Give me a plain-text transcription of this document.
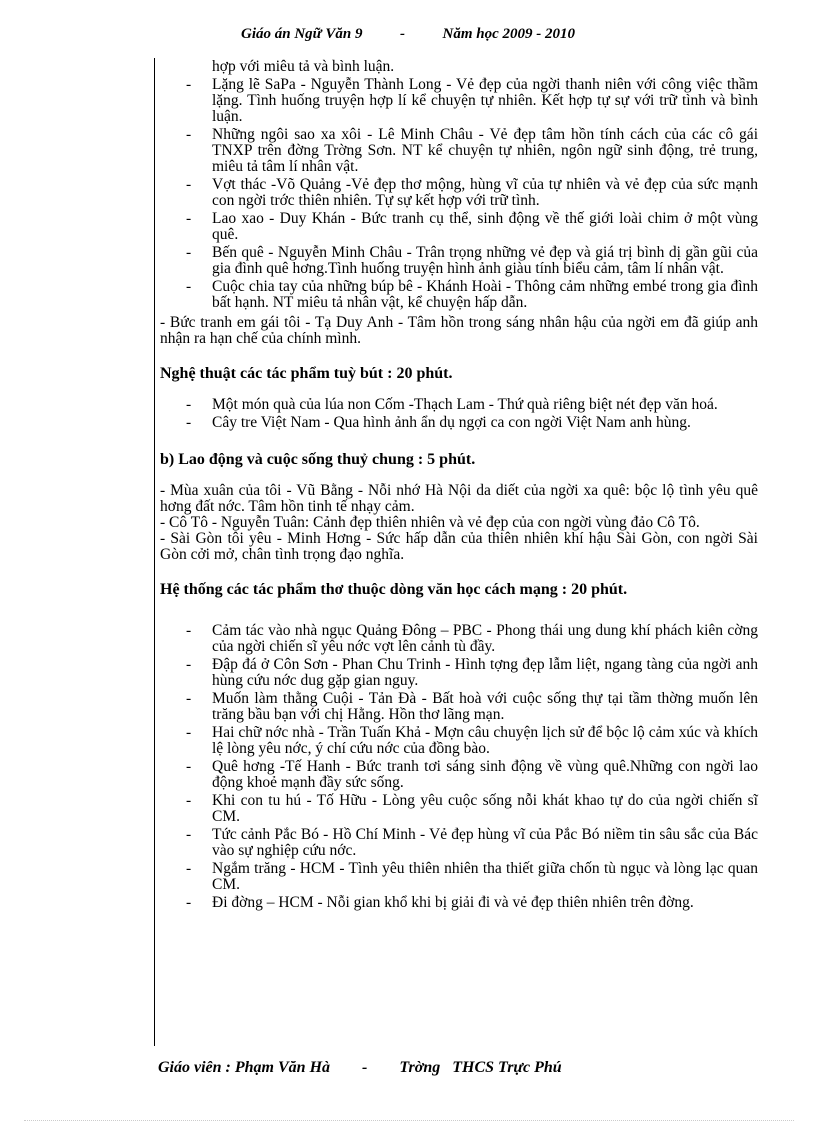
Giáo án Ngữ Văn 9          -          Năm học 2009 - 2010
hợp với miêu tả và bình luận.
- Lặng lẽ SaPa - Nguyễn Thành Long - Vẻ đẹp của ngời thanh niên với công việc thầm lặng. Tình huống truyện hợp lí kể chuyện tự nhiên. Kết hợp tự sự với trữ tình và bình luận.
- Những ngôi sao xa xôi - Lê Minh Châu - Vẻ đẹp tâm hồn tính cách của các cô gái TNXP trên đờng Trờng Sơn. NT kể chuyện tự nhiên, ngôn ngữ sinh động, trẻ trung, miêu tả tâm lí nhân vật.
- Vợt thác -Võ Quảng -Vẻ đẹp thơ mộng, hùng vĩ của tự nhiên và vẻ đẹp của sức mạnh con ngời trớc thiên nhiên. Tự sự kết hợp với trữ tình.
- Lao xao - Duy Khán - Bức tranh cụ thể, sinh động về thế giới loài chim ở một vùng quê.
- Bến quê - Nguyễn Minh Châu - Trân trọng những vẻ đẹp và giá trị bình dị gần gũi của gia đình quê hơng.Tình huống truyện hình ảnh giàu tính biểu cảm, tâm lí nhân vật.
- Cuộc chia tay của những búp bê - Khánh Hoài - Thông cảm những embé trong gia đình bất hạnh. NT miêu tả nhân vật, kể chuyện hấp dẫn.
- Bức tranh em gái tôi - Tạ Duy Anh - Tâm hồn trong sáng nhân hậu của ngời em đã giúp anh nhận ra hạn chế của chính mình.
Nghệ thuật các tác phẩm tuỳ bút : 20 phút.
- Một món quà của lúa non Cốm -Thạch Lam - Thứ quà riêng biệt nét đẹp văn hoá.
- Cây tre Việt Nam - Qua hình ảnh ẩn dụ ngợi ca con ngời Việt Nam anh hùng.
b) Lao động và cuộc sống thuỷ chung : 5 phút.
- Mùa xuân của tôi - Vũ Bằng - Nỗi nhớ Hà Nội da diết của ngời xa quê: bộc lộ tình yêu quê hơng đất nớc. Tâm hồn tinh tế nhạy cảm.
- Cô Tô - Nguyễn Tuân: Cảnh đẹp thiên nhiên và vẻ đẹp của con ngời vùng đảo Cô Tô.
- Sài Gòn tôi yêu - Minh Hơng - Sức hấp dẫn của thiên nhiên khí hậu Sài Gòn, con ngời Sài Gòn cởi mở, chân tình trọng đạo nghĩa.
Hệ thống các tác phẩm thơ thuộc dòng văn học cách mạng : 20 phút.
- Cảm tác vào nhà ngục Quảng Đông – PBC - Phong thái ung dung khí phách kiên cờng của ngời chiến sĩ yêu nớc vợt lên cảnh tù đầy.
- Đập đá ở Côn Sơn - Phan Chu Trinh - Hình tợng đẹp lẫm liệt, ngang tàng của ngời anh hùng cứu nớc dug gặp gian nguy.
- Muốn làm thằng Cuội - Tản Đà - Bất hoà với cuộc sống thự tại tầm thờng muốn lên trăng bầu bạn với chị Hằng. Hồn thơ lãng mạn.
- Hai chữ nớc nhà - Trần Tuấn Khả - Mợn câu chuyện lịch sử để bộc lộ cảm xúc và khích lệ lòng yêu nớc, ý chí cứu nớc của đồng bào.
- Quê hơng -Tế Hanh - Bức tranh tơi sáng sinh động về vùng quê.Những con ngời lao động khoẻ mạnh đầy sức sống.
- Khi con tu hú - Tố Hữu - Lòng yêu cuộc sống nỗi khát khao tự do của ngời chiến sĩ CM.
- Tức cảnh Pắc Bó - Hồ Chí Minh - Vẻ đẹp hùng vĩ của Pắc Bó niềm tin sâu sắc của Bác vào sự nghiệp cứu nớc.
- Ngắm trăng - HCM - Tình yêu thiên nhiên tha thiết giữa chốn tù ngục và lòng lạc quan CM.
- Đi đờng – HCM - Nỗi gian khổ khi bị giải đi và vẻ đẹp thiên nhiên trên đờng.
Giáo viên : Phạm Văn Hà        -        Trờng   THCS Trực Phú
